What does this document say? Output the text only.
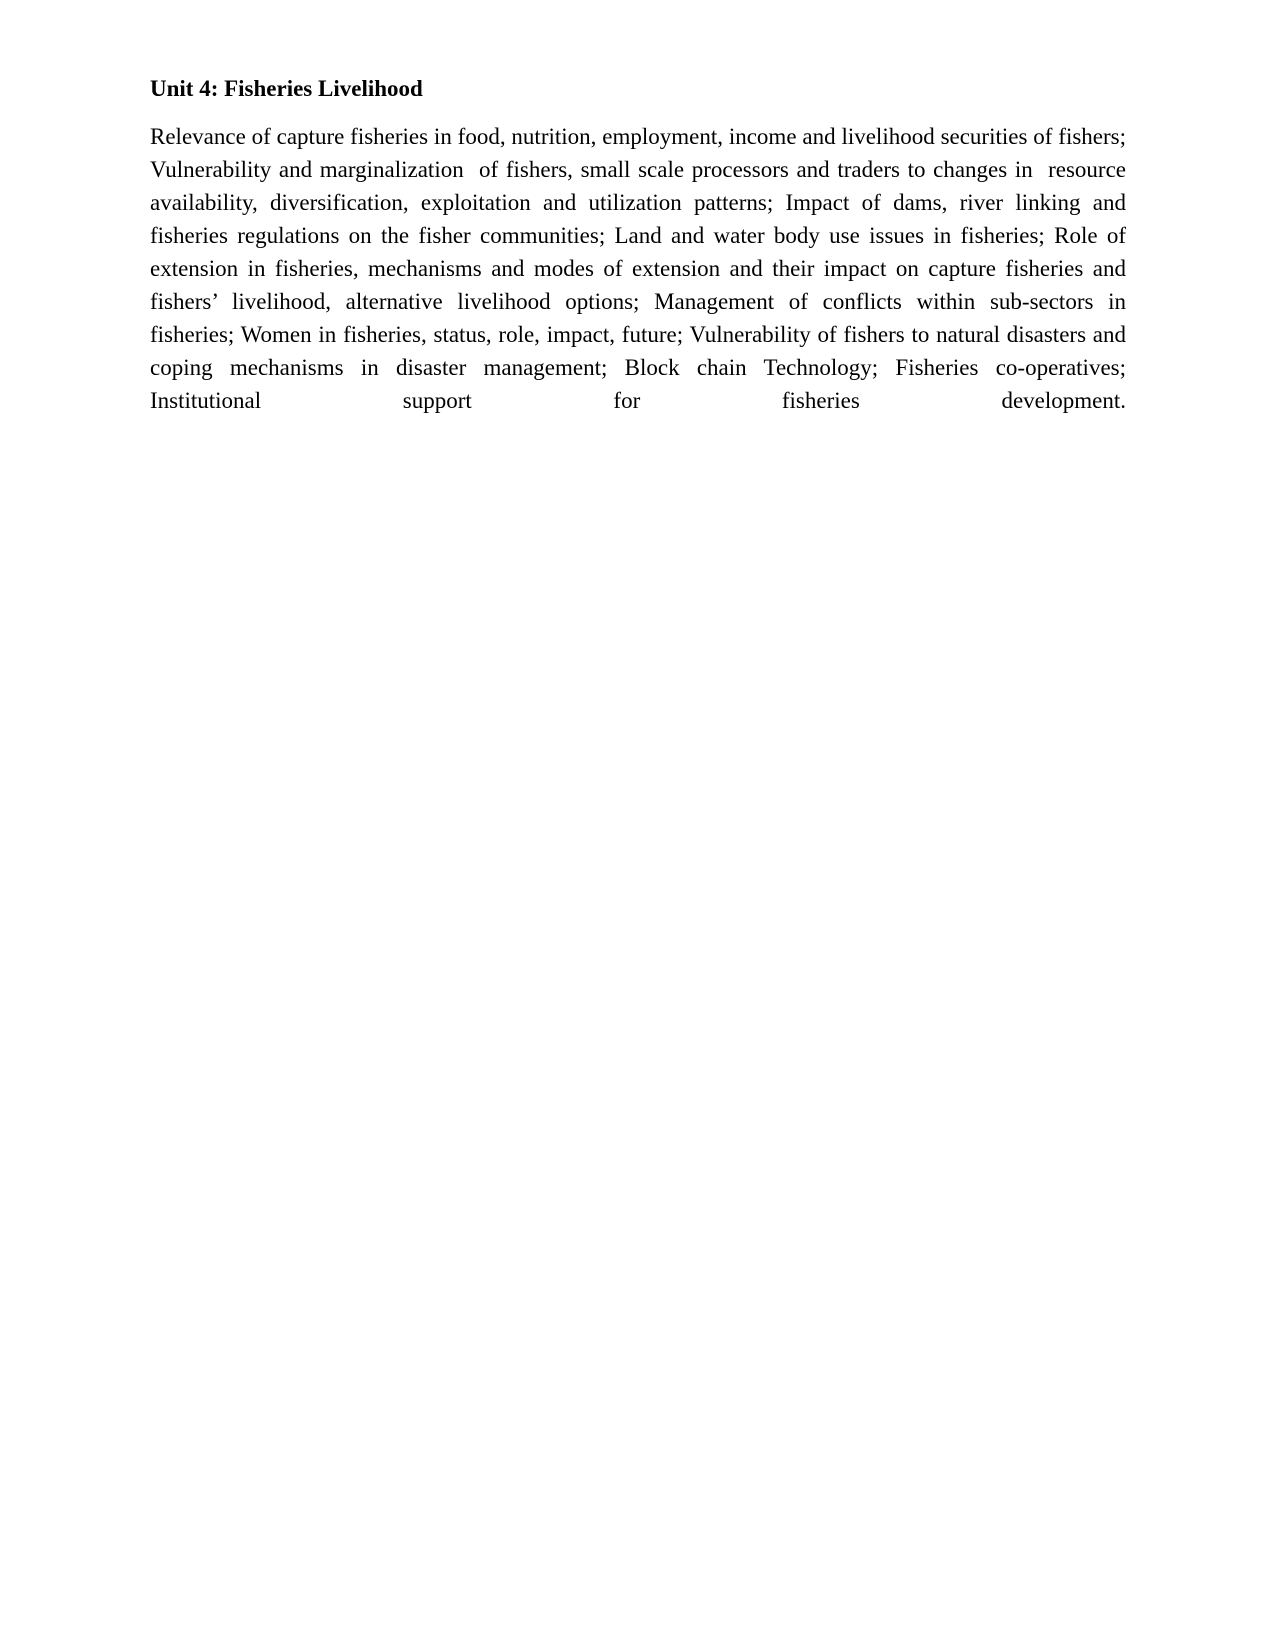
Unit 4: Fisheries Livelihood

Relevance of capture fisheries in food, nutrition, employment, income and livelihood securities of fishers; Vulnerability and marginalization  of fishers, small scale processors and traders to changes in  resource availability, diversification, exploitation and utilization patterns; Impact of dams, river linking and fisheries regulations on the fisher communities; Land and water body use issues in fisheries; Role of extension in fisheries, mechanisms and modes of extension and their impact on capture fisheries and fishers’ livelihood, alternative livelihood options; Management of conflicts within sub-sectors in fisheries; Women in fisheries, status, role, impact, future; Vulnerability of fishers to natural disasters and coping mechanisms in disaster management; Block chain Technology; Fisheries co-operatives; Institutional support for fisheries development.
